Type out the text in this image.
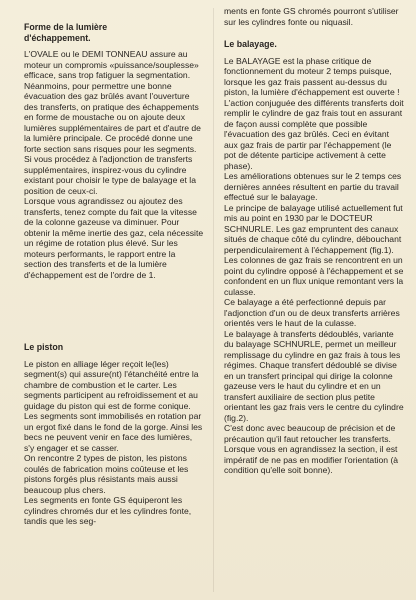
Forme de la lumière d'échappement.

L'OVALE ou le DEMI TONNEAU assure au moteur un compromis «puissance/souplesse» efficace, sans trop fatiguer la segmentation. Néanmoins, pour permettre une bonne évacuation des gaz brûlés avant l'ouverture des transferts, on pratique des échappements en forme de moustache ou on ajoute deux lumières supplémentaires de part et d'autre de la lumière principale. Ce procédé donne une forte section sans risques pour les segments.

Si vous procédez à l'adjonction de transferts supplémentaires, inspirez-vous du cylindre existant pour choisir le type de balayage et la position de ceux-ci.

Lorsque vous agrandissez ou ajoutez des transferts, tenez compte du fait que la vitesse de la colonne gazeuse va diminuer. Pour obtenir la même inertie des gaz, cela nécessite un régime de rotation plus élevé. Sur les moteurs performants, le rapport entre la section des transferts et de la lumière d'échappement est de l'ordre de 1.

Le piston

Le piston en alliage léger reçoit le(les) segment(s) qui assure(nt) l'étanchéité entre la chambre de combustion et le carter. Les segments participent au refroidissement et au guidage du piston qui est de forme conique.

Les segments sont immobilisés en rotation par un ergot fixé dans le fond de la gorge. Ainsi les becs ne peuvent venir en face des lumières, s'y engager et se casser.

On rencontre 2 types de piston, les pistons coulés de fabrication moins coûteuse et les pistons forgés plus résistants mais aussi beaucoup plus chers.

Les segments en fonte GS équiperont les cylindres chromés dur et les cylindres fonte, tandis que les seg-

ments en fonte GS chromés pourront s'utiliser sur les cylindres fonte ou niquasil.

Le balayage.

Le BALAYAGE est la phase critique de fonctionnement du moteur 2 temps puisque, lorsque les gaz frais passent au-dessus du piston, la lumière d'échappement est ouverte !

L'action conjuguée des différents transferts doit remplir le cylindre de gaz frais tout en assurant de façon aussi complète que possible l'évacuation des gaz brûlés. Ceci en évitant aux gaz frais de partir par l'échappement (le pot de détente participe activement à cette phase).

Les améliorations obtenues sur le 2 temps ces dernières années résultent en partie du travail effectué sur le balayage.

Le principe de balayage utilisé actuellement fut mis au point en 1930 par le DOCTEUR SCHNURLE. Les gaz empruntent des canaux situés de chaque côté du cylindre, débouchant perpendiculairement à l'échappement (fig.1). Les colonnes de gaz frais se rencontrent en un point du cylindre opposé à l'échappement et se confondent en un flux unique remontant vers la culasse.

Ce balayage a été perfectionné depuis par l'adjonction d'un ou de deux transferts arrières orientés vers le haut de la culasse.

Le balayage à transferts dédoublés, variante du balayage SCHNURLE, permet un meilleur remplissage du cylindre en gaz frais à tous les régimes. Chaque transfert dédoublé se divise en un transfert principal qui dirige la colonne gazeuse vers le haut du cylindre et en un transfert auxiliaire de section plus petite orientant les gaz frais vers le centre du cylindre (fig.2).

C'est donc avec beaucoup de précision et de précaution qu'il faut retoucher les transferts. Lorsque vous en agrandissez la section, il est impératif de ne pas en modifier l'orientation (à condition qu'elle soit bonne).
